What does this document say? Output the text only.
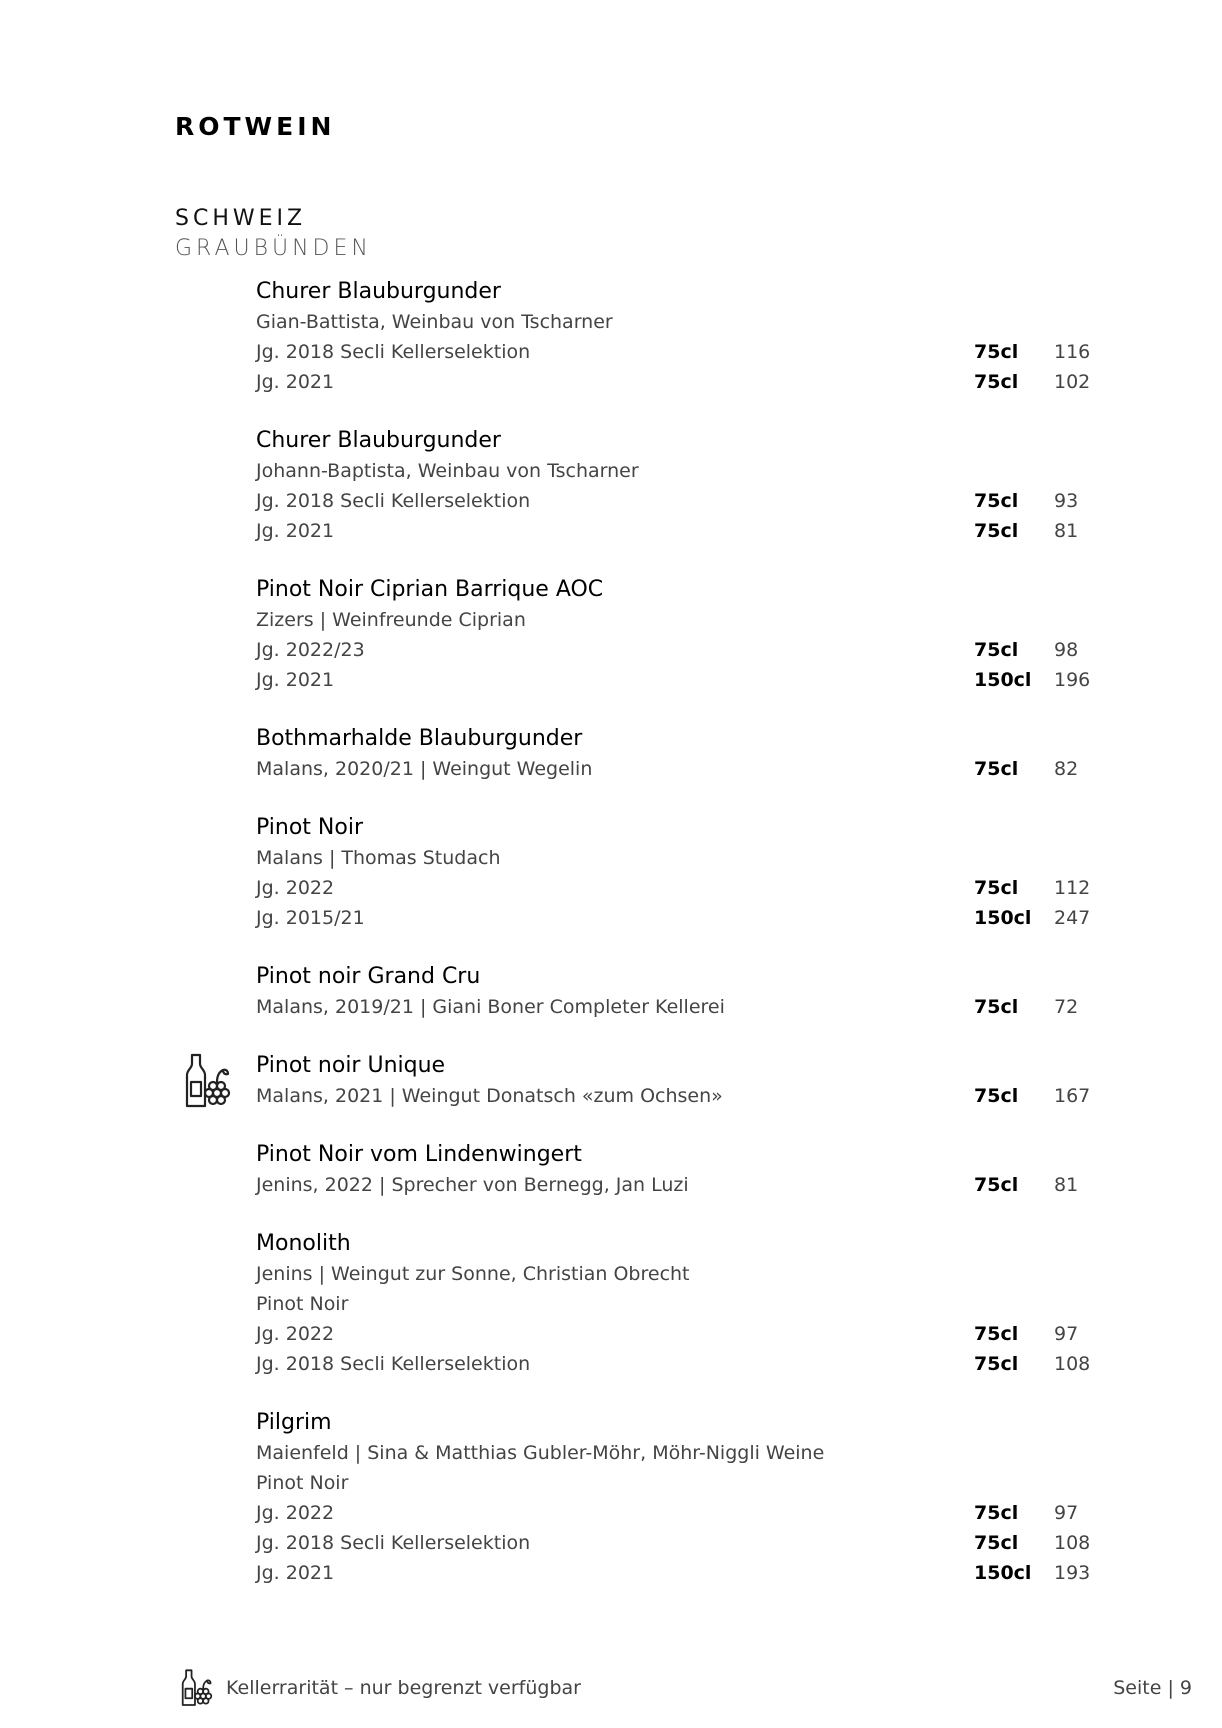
ROTWEIN
SCHWEIZ
GRAUBÜNDEN
Churer Blauburgunder
Gian-Battista, Weinbau von Tscharner
Jg. 2018 Secli Kellerselektion	75cl 116
Jg. 2021	75cl 102
Churer Blauburgunder
Johann-Baptista, Weinbau von Tscharner
Jg. 2018 Secli Kellerselektion	75cl 93
Jg. 2021	75cl 81
Pinot Noir Ciprian Barrique AOC
Zizers | Weinfreunde Ciprian
Jg. 2022/23	75cl 98
Jg. 2021	150cl 196
Bothmarhalde Blauburgunder
Malans, 2020/21 | Weingut Wegelin	75cl 82
Pinot Noir
Malans | Thomas Studach
Jg. 2022	75cl 112
Jg. 2015/21	150cl 247
Pinot noir Grand Cru
Malans, 2019/21 | Giani Boner Completer Kellerei	75cl 72
Pinot noir Unique
Malans, 2021 | Weingut Donatsch «zum Ochsen»	75cl 167
Pinot Noir vom Lindenwingert
Jenins, 2022 | Sprecher von Bernegg, Jan Luzi	75cl 81
Monolith
Jenins | Weingut zur Sonne, Christian Obrecht
Pinot Noir
Jg. 2022	75cl 97
Jg. 2018 Secli Kellerselektion	75cl 108
Pilgrim
Maienfeld | Sina & Matthias Gubler-Möhr, Möhr-Niggli Weine
Pinot Noir
Jg. 2022	75cl 97
Jg. 2018 Secli Kellerselektion	75cl 108
Jg. 2021	150cl 193
Kellerrarität – nur begrenzt verfügbar	Seite | 9
